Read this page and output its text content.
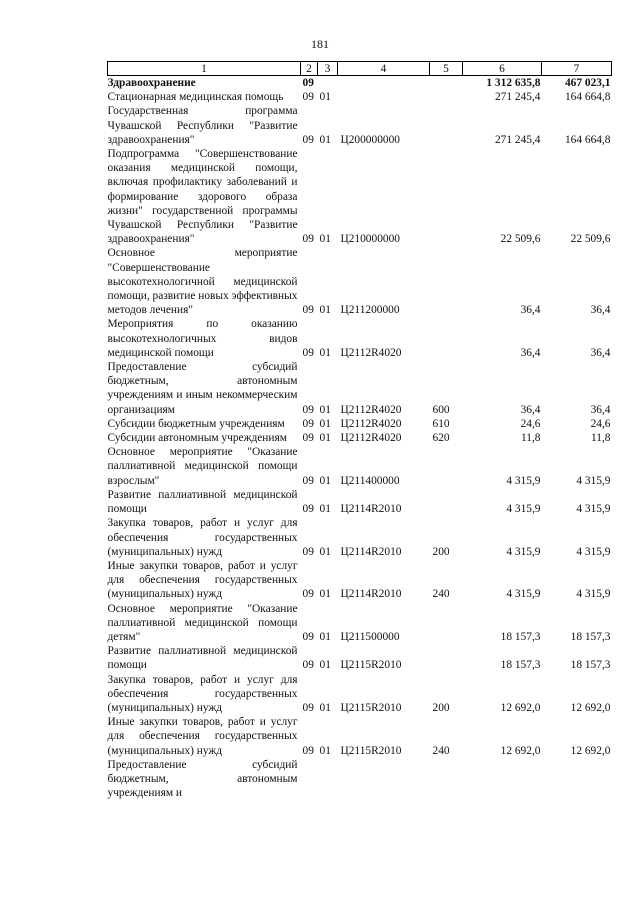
181
1	2	3	4	5	6	7
Здравоохранение	09				1 312 635,8	467 023,1
Стационарная медицинская помощь	09	01			271 245,4	164 664,8
Государственная программа Чувашской Республики "Развитие здравоохранения"	09	01	Ц200000000		271 245,4	164 664,8
Подпрограмма "Совершенствование оказания медицинской помощи, включая профилактику заболеваний и формирование здорового образа жизни" государственной программы Чувашской Республики "Развитие здравоохранения"	09	01	Ц210000000		22 509,6	22 509,6
Основное мероприятие "Совершенствование высокотехнологичной медицинской помощи, развитие новых эффективных методов лечения"	09	01	Ц211200000		36,4	36,4
Мероприятия по оказанию высокотехнологичных видов медицинской помощи	09	01	Ц2112R4020		36,4	36,4
Предоставление субсидий бюджетным, автономным учреждениям и иным некоммерческим организациям	09	01	Ц2112R4020	600	36,4	36,4
Субсидии бюджетным учреждениям	09	01	Ц2112R4020	610	24,6	24,6
Субсидии автономным учреждениям	09	01	Ц2112R4020	620	11,8	11,8
Основное мероприятие "Оказание паллиативной медицинской помощи взрослым"	09	01	Ц211400000		4 315,9	4 315,9
Развитие паллиативной медицинской помощи	09	01	Ц2114R2010		4 315,9	4 315,9
Закупка товаров, работ и услуг для обеспечения государственных (муниципальных) нужд	09	01	Ц2114R2010	200	4 315,9	4 315,9
Иные закупки товаров, работ и услуг для обеспечения государственных (муниципальных) нужд	09	01	Ц2114R2010	240	4 315,9	4 315,9
Основное мероприятие "Оказание паллиативной медицинской помощи детям"	09	01	Ц211500000		18 157,3	18 157,3
Развитие паллиативной медицинской помощи	09	01	Ц2115R2010		18 157,3	18 157,3
Закупка товаров, работ и услуг для обеспечения государственных (муниципальных) нужд	09	01	Ц2115R2010	200	12 692,0	12 692,0
Иные закупки товаров, работ и услуг для обеспечения государственных (муниципальных) нужд	09	01	Ц2115R2010	240	12 692,0	12 692,0
Предоставление субсидий бюджетным, автономным учреждениям и						
